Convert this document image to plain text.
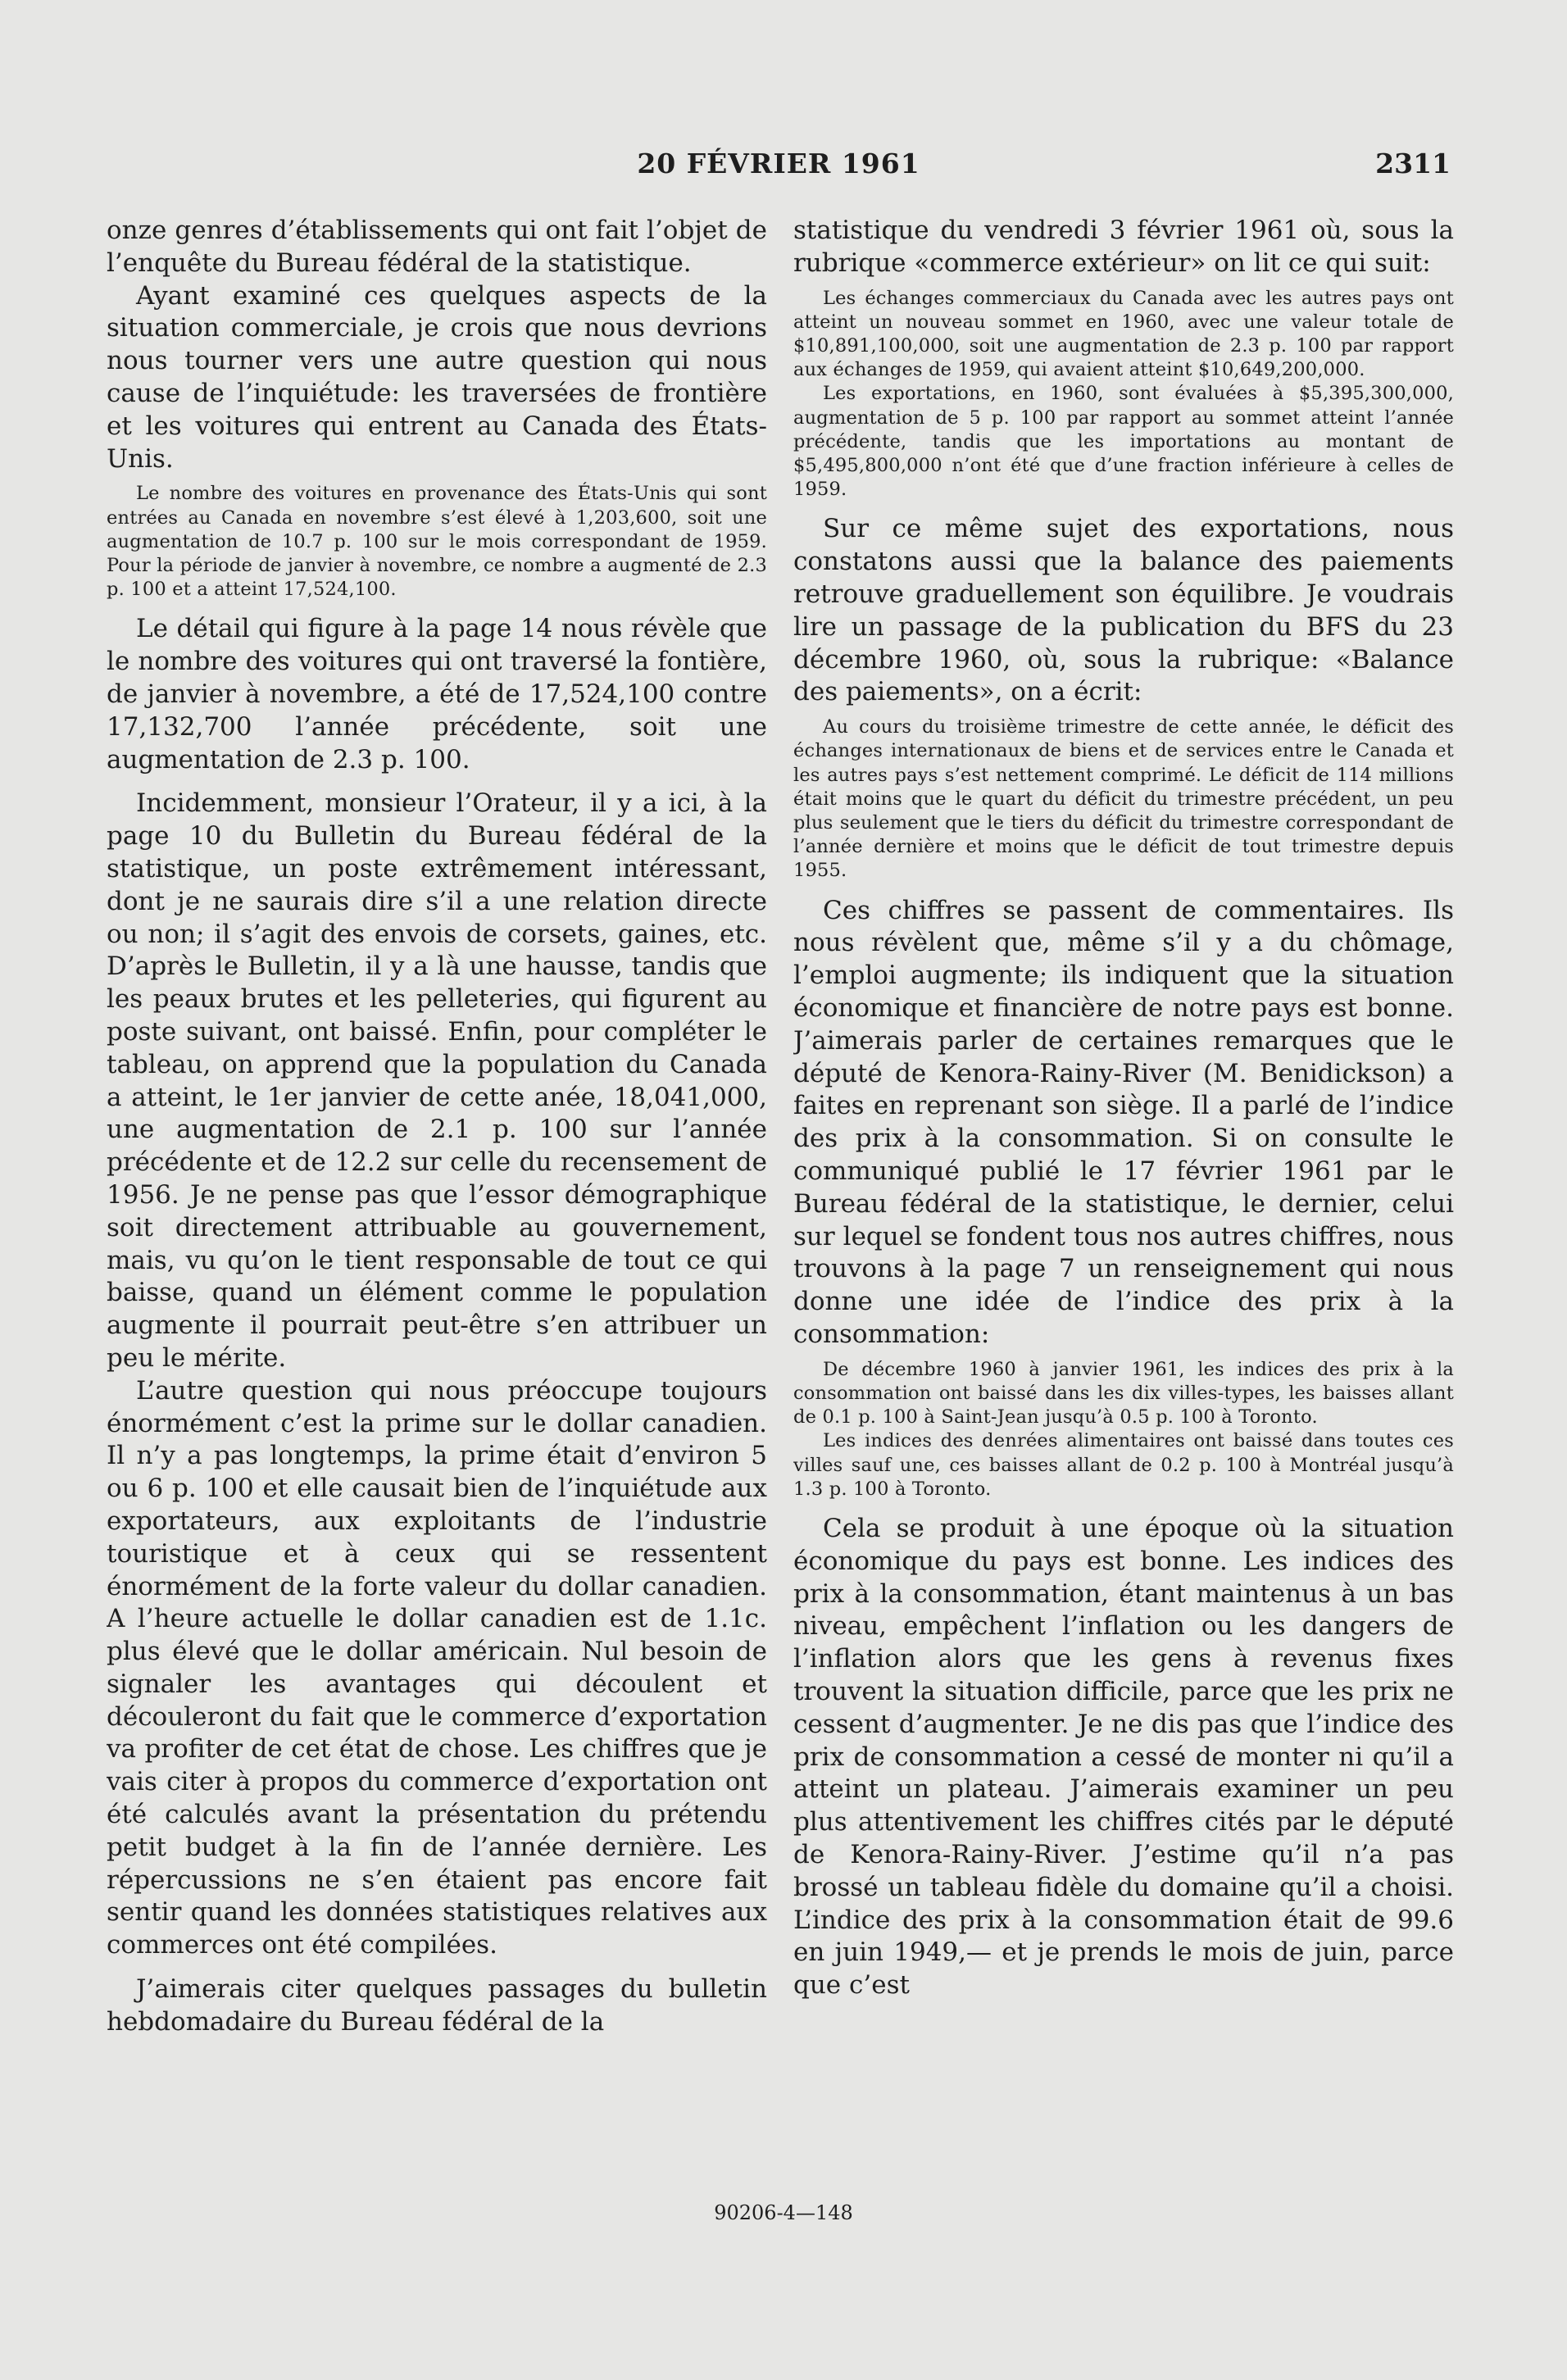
20 FÉVRIER 1961	2311

onze genres d’établissements qui ont fait l’objet de l’enquête du Bureau fédéral de la statistique.

Ayant examiné ces quelques aspects de la situation commerciale, je crois que nous devrions nous tourner vers une autre question qui nous cause de l’inquiétude: les traversées de frontière et les voitures qui entrent au Canada des États-Unis.

Le nombre des voitures en provenance des États-Unis qui sont entrées au Canada en novembre s’est élevé à 1,203,600, soit une augmentation de 10.7 p. 100 sur le mois correspondant de 1959. Pour la période de janvier à novembre, ce nombre a augmenté de 2.3 p. 100 et a atteint 17,524,100.

Le détail qui figure à la page 14 nous révèle que le nombre des voitures qui ont traversé la fontière, de janvier à novembre, a été de 17,524,100 contre 17,132,700 l’année précédente, soit une augmentation de 2.3 p. 100.

Incidemment, monsieur l’Orateur, il y a ici, à la page 10 du Bulletin du Bureau fédéral de la statistique, un poste extrêmement intéressant, dont je ne saurais dire s’il a une relation directe ou non; il s’agit des envois de corsets, gaines, etc. D’après le Bulletin, il y a là une hausse, tandis que les peaux brutes et les pelleteries, qui figurent au poste suivant, ont baissé. Enfin, pour compléter le tableau, on apprend que la population du Canada a atteint, le 1er janvier de cette anée, 18,041,000, une augmentation de 2.1 p. 100 sur l’année précédente et de 12.2 sur celle du recensement de 1956. Je ne pense pas que l’essor démographique soit directement attribuable au gouvernement, mais, vu qu’on le tient responsable de tout ce qui baisse, quand un élément comme le population augmente il pourrait peut-être s’en attribuer un peu le mérite.

L’autre question qui nous préoccupe toujours énormément c’est la prime sur le dollar canadien. Il n’y a pas longtemps, la prime était d’environ 5 ou 6 p. 100 et elle causait bien de l’inquiétude aux exportateurs, aux exploitants de l’industrie touristique et à ceux qui se ressentent énormément de la forte valeur du dollar canadien. A l’heure actuelle le dollar canadien est de 1.1c. plus élevé que le dollar américain. Nul besoin de signaler les avantages qui découlent et découleront du fait que le commerce d’exportation va profiter de cet état de chose. Les chiffres que je vais citer à propos du commerce d’exportation ont été calculés avant la présentation du prétendu petit budget à la fin de l’année dernière. Les répercussions ne s’en étaient pas encore fait sentir quand les données statistiques relatives aux commerces ont été compilées.

J’aimerais citer quelques passages du bulletin hebdomadaire du Bureau fédéral de la

statistique du vendredi 3 février 1961 où, sous la rubrique «commerce extérieur» on lit ce qui suit:

Les échanges commerciaux du Canada avec les autres pays ont atteint un nouveau sommet en 1960, avec une valeur totale de $10,891,100,000, soit une augmentation de 2.3 p. 100 par rapport aux échanges de 1959, qui avaient atteint $10,649,200,000.

Les exportations, en 1960, sont évaluées à $5,395,300,000, augmentation de 5 p. 100 par rapport au sommet atteint l’année précédente, tandis que les importations au montant de $5,495,800,000 n’ont été que d’une fraction inférieure à celles de 1959.

Sur ce même sujet des exportations, nous constatons aussi que la balance des paiements retrouve graduellement son équilibre. Je voudrais lire un passage de la publication du BFS du 23 décembre 1960, où, sous la rubrique: «Balance des paiements», on a écrit:

Au cours du troisième trimestre de cette année, le déficit des échanges internationaux de biens et de services entre le Canada et les autres pays s’est nettement comprimé. Le déficit de 114 millions était moins que le quart du déficit du trimestre précédent, un peu plus seulement que le tiers du déficit du trimestre correspondant de l’année dernière et moins que le déficit de tout trimestre depuis 1955.

Ces chiffres se passent de commentaires. Ils nous révèlent que, même s’il y a du chômage, l’emploi augmente; ils indiquent que la situation économique et financière de notre pays est bonne. J’aimerais parler de certaines remarques que le député de Kenora-Rainy-River (M. Benidickson) a faites en reprenant son siège. Il a parlé de l’indice des prix à la consommation. Si on consulte le communiqué publié le 17 février 1961 par le Bureau fédéral de la statistique, le dernier, celui sur lequel se fondent tous nos autres chiffres, nous trouvons à la page 7 un renseignement qui nous donne une idée de l’indice des prix à la consommation:

De décembre 1960 à janvier 1961, les indices des prix à la consommation ont baissé dans les dix villes-types, les baisses allant de 0.1 p. 100 à Saint-Jean jusqu’à 0.5 p. 100 à Toronto.

Les indices des denrées alimentaires ont baissé dans toutes ces villes sauf une, ces baisses allant de 0.2 p. 100 à Montréal jusqu’à 1.3 p. 100 à Toronto.

Cela se produit à une époque où la situation économique du pays est bonne. Les indices des prix à la consommation, étant maintenus à un bas niveau, empêchent l’inflation ou les dangers de l’inflation alors que les gens à revenus fixes trouvent la situation difficile, parce que les prix ne cessent d’augmenter. Je ne dis pas que l’indice des prix de consommation a cessé de monter ni qu’il a atteint un plateau. J’aimerais examiner un peu plus attentivement les chiffres cités par le député de Kenora-Rainy-River. J’estime qu’il n’a pas brossé un tableau fidèle du domaine qu’il a choisi. L’indice des prix à la consommation était de 99.6 en juin 1949,— et je prends le mois de juin, parce que c’est

90206-4—148
